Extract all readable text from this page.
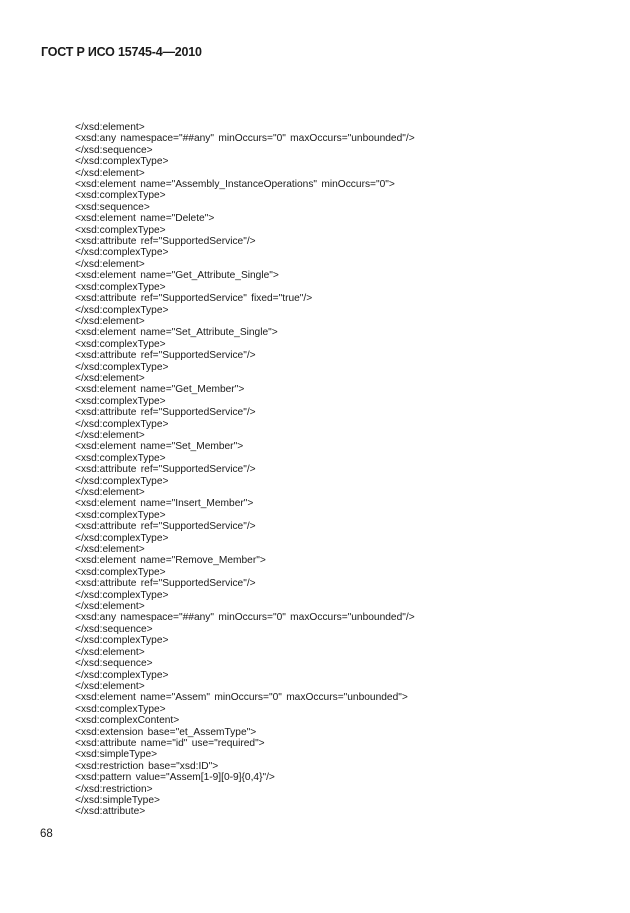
ГОСТ Р ИСО 15745-4—2010
</xsd:element>
<xsd:any namespace="##any" minOccurs="0" maxOccurs="unbounded"/>
</xsd:sequence>
</xsd:complexType>
</xsd:element>
<xsd:element name="Assembly_InstanceOperations" minOccurs="0">
<xsd:complexType>
<xsd:sequence>
<xsd:element name="Delete">
<xsd:complexType>
<xsd:attribute ref="SupportedService"/>
</xsd:complexType>
</xsd:element>
<xsd:element name="Get_Attribute_Single">
<xsd:complexType>
<xsd:attribute ref="SupportedService" fixed="true"/>
</xsd:complexType>
</xsd:element>
<xsd:element name="Set_Attribute_Single">
<xsd:complexType>
<xsd:attribute ref="SupportedService"/>
</xsd:complexType>
</xsd:element>
<xsd:element name="Get_Member">
<xsd:complexType>
<xsd:attribute ref="SupportedService"/>
</xsd:complexType>
</xsd:element>
<xsd:element name="Set_Member">
<xsd:complexType>
<xsd:attribute ref="SupportedService"/>
</xsd:complexType>
</xsd:element>
<xsd:element name="Insert_Member">
<xsd:complexType>
<xsd:attribute ref="SupportedService"/>
</xsd:complexType>
</xsd:element>
<xsd:element name="Remove_Member">
<xsd:complexType>
<xsd:attribute ref="SupportedService"/>
</xsd:complexType>
</xsd:element>
<xsd:any namespace="##any" minOccurs="0" maxOccurs="unbounded"/>
</xsd:sequence>
</xsd:complexType>
</xsd:element>
</xsd:sequence>
</xsd:complexType>
</xsd:element>
<xsd:element name="Assem" minOccurs="0" maxOccurs="unbounded">
<xsd:complexType>
<xsd:complexContent>
<xsd:extension base="et_AssemType">
<xsd:attribute name="id" use="required">
<xsd:simpleType>
<xsd:restriction base="xsd:ID">
<xsd:pattern value="Assem[1-9][0-9]{0,4}"/>
</xsd:restriction>
</xsd:simpleType>
</xsd:attribute>
68
